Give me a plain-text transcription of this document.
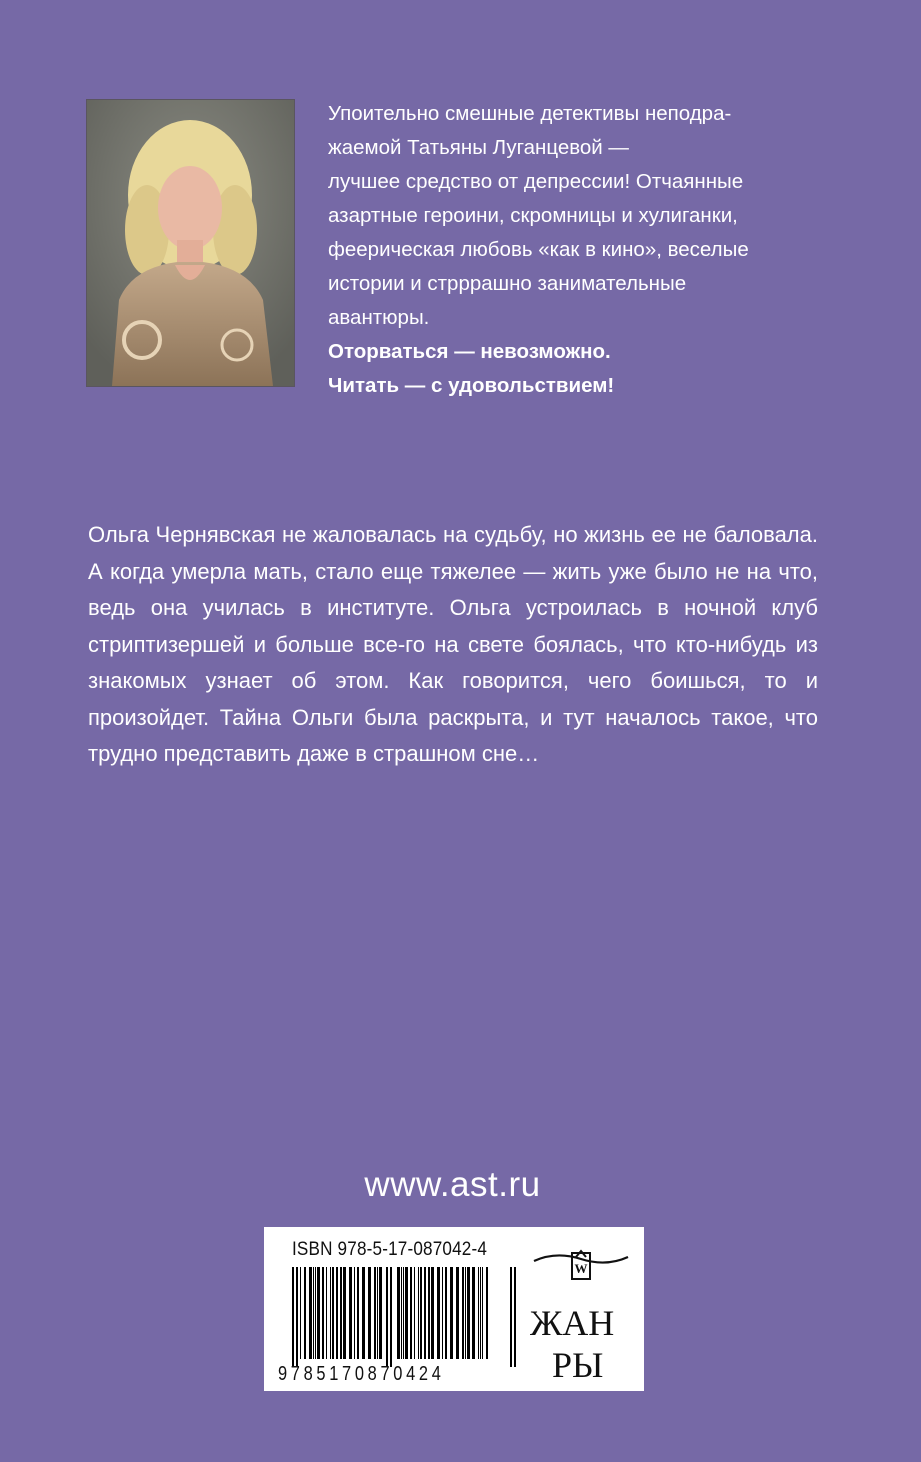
Упоительно смешные детективы неподра-
жаемой Татьяны Луганцевой —
лучшее средство от депрессии! Отчаянные
азартные героини, скромницы и хулиганки,
феерическая любовь «как в кино», веселые
истории и стрррашно занимательные
авантюры.
Оторваться — невозможно.
Читать — с удовольствием!

Ольга Чернявская не жаловалась на судьбу, но жизнь ее не баловала. А когда умерла мать, стало еще тяжелее — жить уже было не на что, ведь она училась в институте. Ольга устроилась в ночной клуб стриптизершей и больше все-го на свете боялась, что кто-нибудь из знакомых узнает об этом. Как говорится, чего боишься, то и произойдет. Тайна Ольги была раскрыта, и тут началось такое, что трудно представить даже в страшном сне…

www.ast.ru
ISBN 978-5-17-087042-4
9785170870424
W
ЖАН
РЫ
